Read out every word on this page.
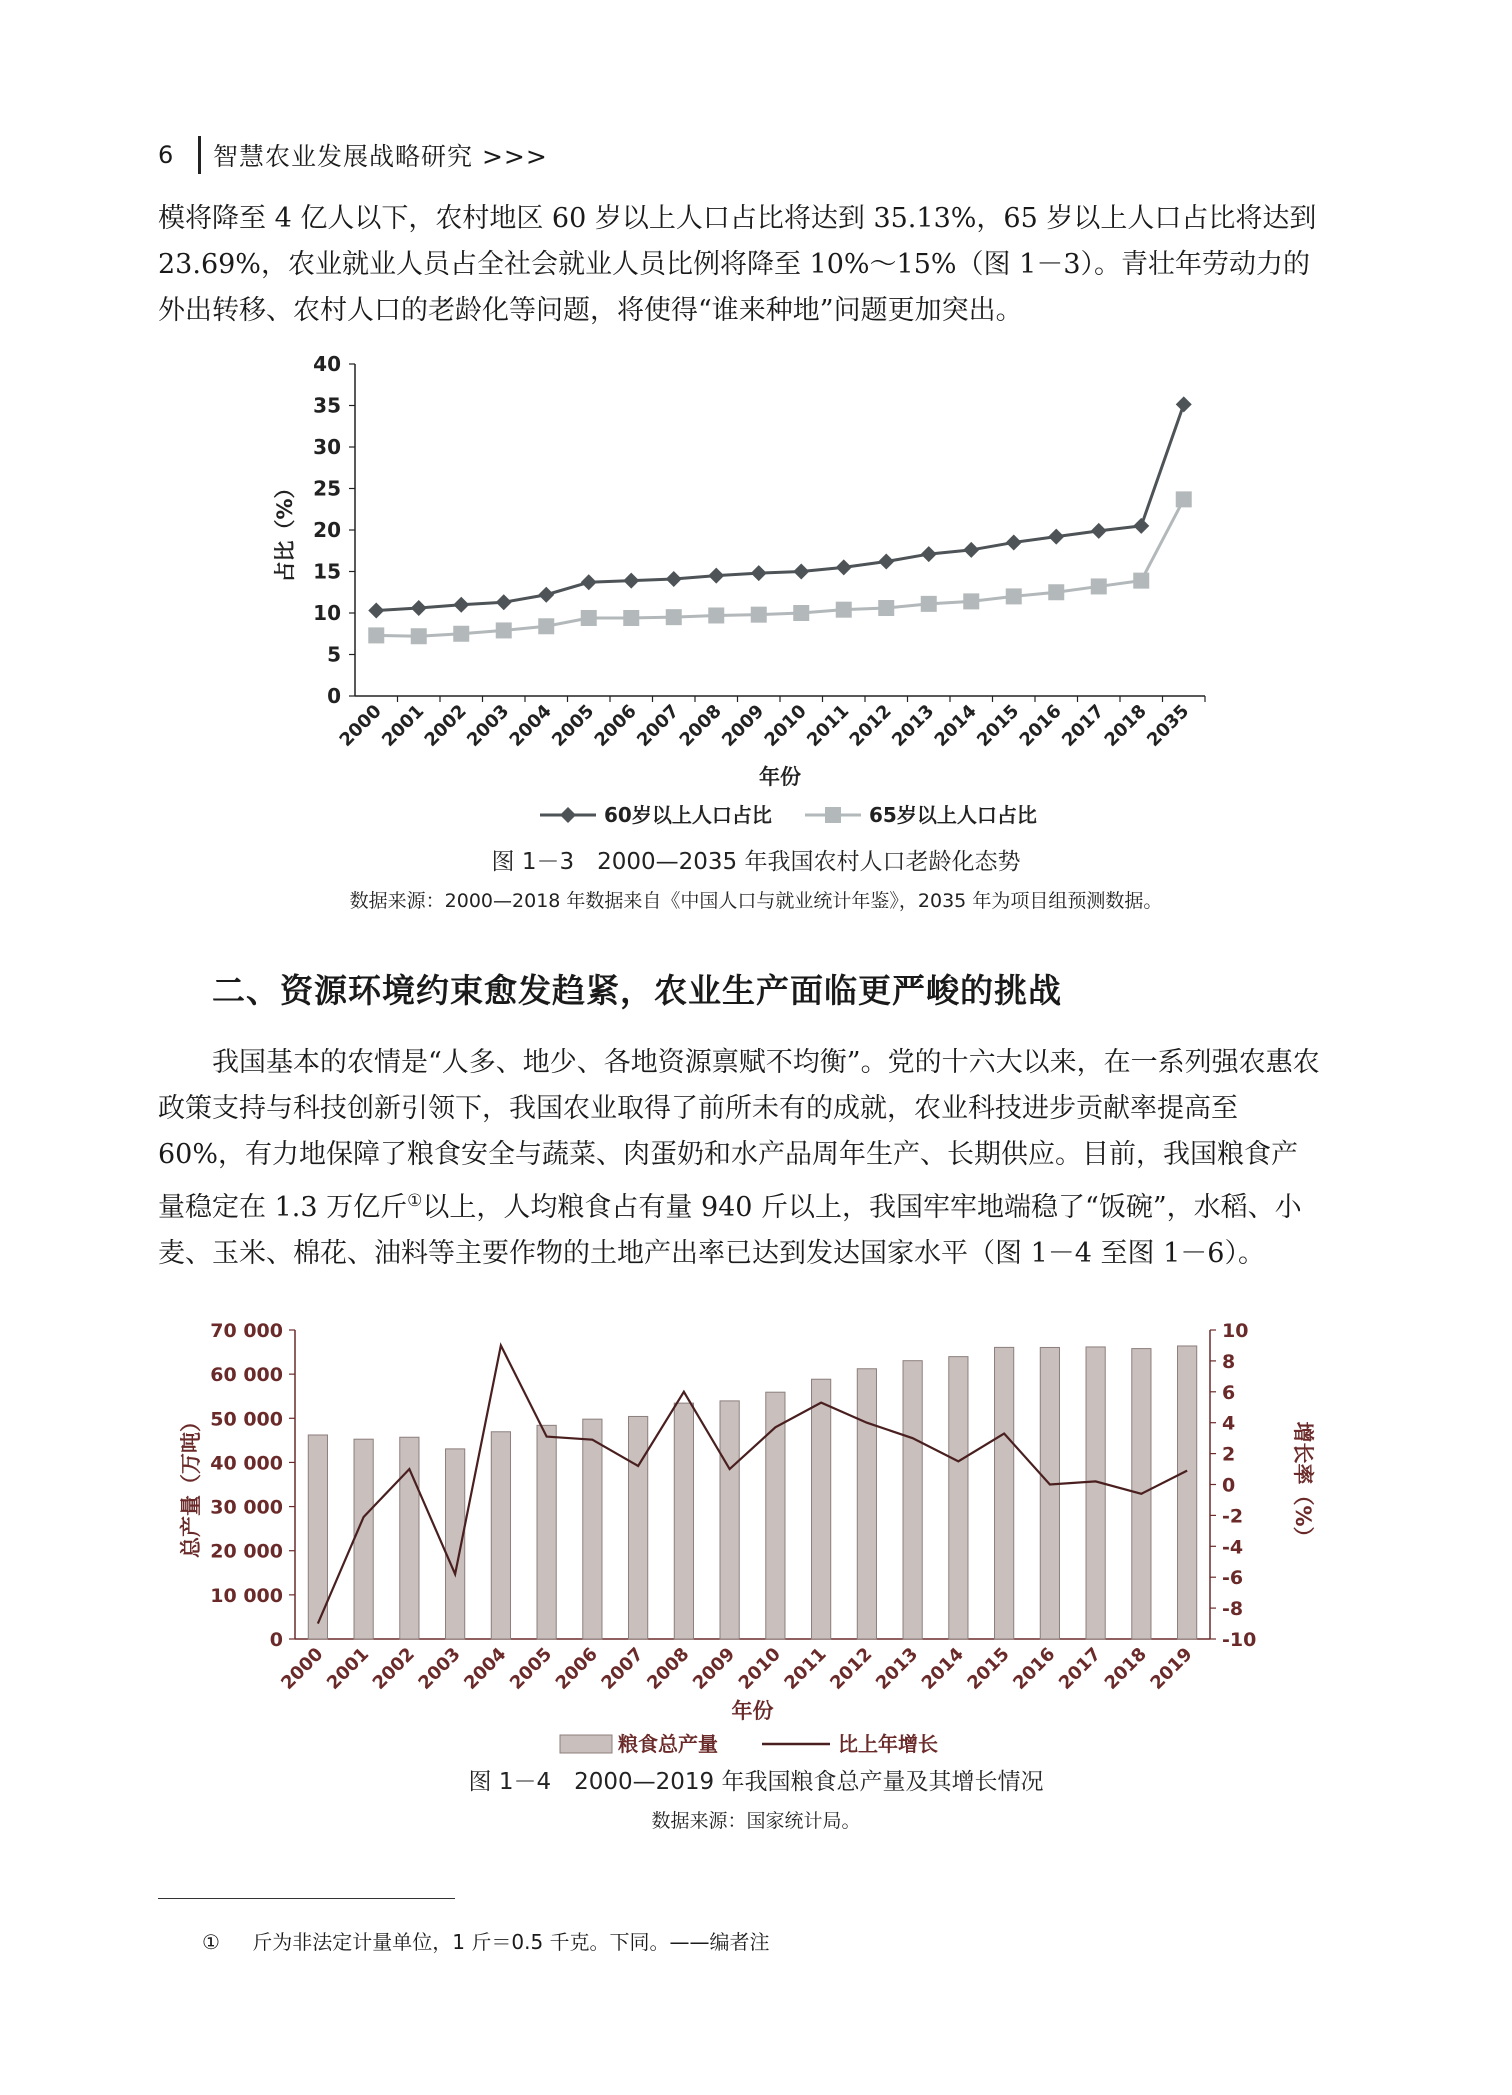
6	智慧农业发展战略研究 >>>

模将降至 4 亿人以下，农村地区 60 岁以上人口占比将达到 35.13%，65 岁以上人口占比将达到 23.69%，农业就业人员占全社会就业人员比例将降至 10%～15%（图 1－3）。青壮年劳动力的外出转移、农村人口的老龄化等问题，将使得“谁来种地”问题更加突出。

0
5
10
15
20
25
30
35
40
2000
2001
2002
2003
2004
2005
2006
2007
2008
2009
2010
2011
2012
2013
2014
2015
2016
2017
2018
2035
占比（%）
年份
60岁以上人口占比	65岁以上人口占比
图 1－3　2000—2035 年我国农村人口老龄化态势
数据来源：2000—2018 年数据来自《中国人口与就业统计年鉴》，2035 年为项目组预测数据。
二、资源环境约束愈发趋紧，农业生产面临更严峻的挑战

我国基本的农情是“人多、地少、各地资源禀赋不均衡”。党的十六大以来，在一系列强农惠农政策支持与科技创新引领下，我国农业取得了前所未有的成就，农业科技进步贡献率提高至 60%，有力地保障了粮食安全与蔬菜、肉蛋奶和水产品周年生产、长期供应。目前，我国粮食产量稳定在 1.3 万亿斤①以上，人均粮食占有量 940 斤以上，我国牢牢地端稳了“饭碗”，水稻、小麦、玉米、棉花、油料等主要作物的土地产出率已达到发达国家水平（图 1－4 至图 1－6）。

0
10 000
20 000
30 000
40 000
50 000
60 000
70 000
-10
-8
-6
-4
-2
0
2
4
6
8
10
2000
2001
2002
2003
2004
2005
2006
2007
2008
2009
2010
2011
2012
2013
2014
2015
2016
2017
2018
2019
总产量（万吨）	增长率（%）
年份
粮食总产量	比上年增长
图 1－4　2000—2019 年我国粮食总产量及其增长情况
数据来源：国家统计局。
① 斤为非法定计量单位，1 斤＝0.5 千克。下同。——编者注
